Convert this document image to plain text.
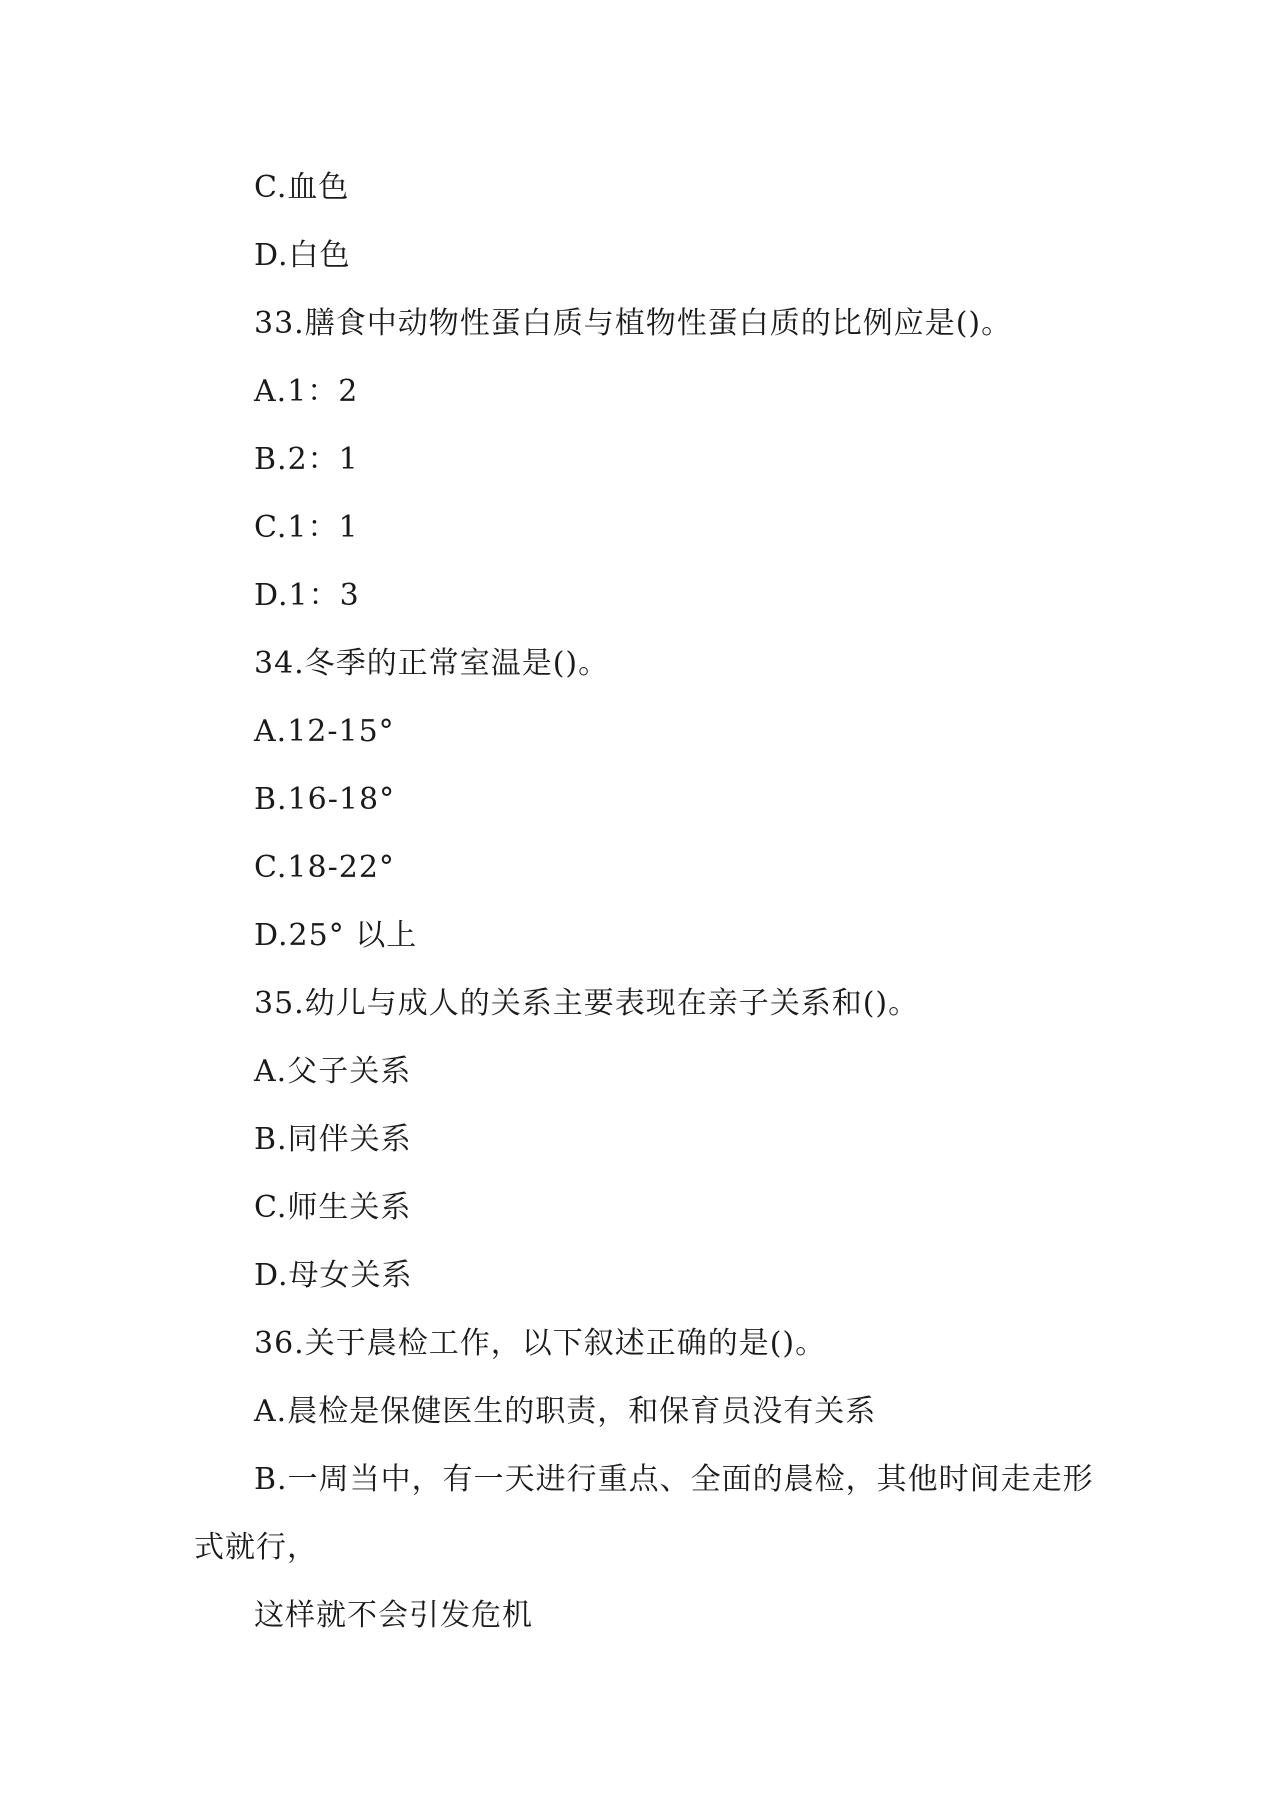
C.血色
D.白色
33.膳食中动物性蛋白质与植物性蛋白质的比例应是()。
A.1：2
B.2：1
C.1：1
D.1：3
34.冬季的正常室温是()。
A.12-15°
B.16-18°
C.18-22°
D.25° 以上
35.幼儿与成人的关系主要表现在亲子关系和()。
A.父子关系
B.同伴关系
C.师生关系
D.母女关系
36.关于晨检工作，以下叙述正确的是()。
A.晨检是保健医生的职责，和保育员没有关系
B.一周当中，有一天进行重点、全面的晨检，其他时间走走形
式就行，
这样就不会引发危机
